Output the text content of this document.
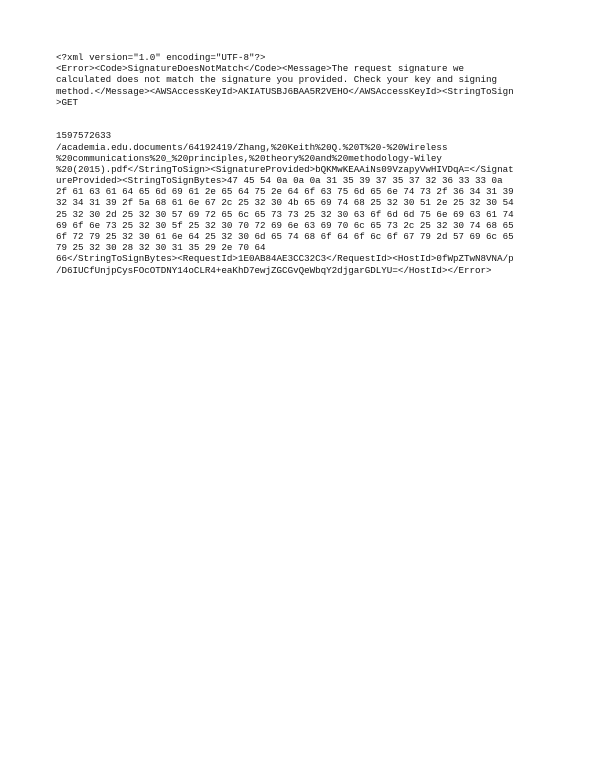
<?xml version="1.0" encoding="UTF-8"?>
<Error><Code>SignatureDoesNotMatch</Code><Message>The request signature we
calculated does not match the signature you provided. Check your key and signing
method.</Message><AWSAccessKeyId>AKIATUSBJ6BAA5R2VEHO</AWSAccessKeyId><StringToSign
>GET
1597572633
/academia.edu.documents/64192419/Zhang,%20Keith%20Q.%20T%20-%20Wireless
%20communications%20_%20principles,%20theory%20and%20methodology-Wiley
%20(2015).pdf</StringToSign><SignatureProvided>bQKMwKEAAiNs09VzapyVwHIVDqA=</Signat
ureProvided><StringToSignBytes>47 45 54 0a 0a 0a 31 35 39 37 35 37 32 36 33 33 0a
2f 61 63 61 64 65 6d 69 61 2e 65 64 75 2e 64 6f 63 75 6d 65 6e 74 73 2f 36 34 31 39
32 34 31 39 2f 5a 68 61 6e 67 2c 25 32 30 4b 65 69 74 68 25 32 30 51 2e 25 32 30 54
25 32 30 2d 25 32 30 57 69 72 65 6c 65 73 73 25 32 30 63 6f 6d 6d 75 6e 69 63 61 74
69 6f 6e 73 25 32 30 5f 25 32 30 70 72 69 6e 63 69 70 6c 65 73 2c 25 32 30 74 68 65
6f 72 79 25 32 30 61 6e 64 25 32 30 6d 65 74 68 6f 64 6f 6c 6f 67 79 2d 57 69 6c 65
79 25 32 30 28 32 30 31 35 29 2e 70 64
66</StringToSignBytes><RequestId>1E0AB84AE3CC32C3</RequestId><HostId>0fWpZTwN8VNA/p
/D6IUCfUnjpCysFOcOTDNY14oCLR4+eaKhD7ewjZGCGvQeWbqY2djgarGDLYU=</HostId></Error>
